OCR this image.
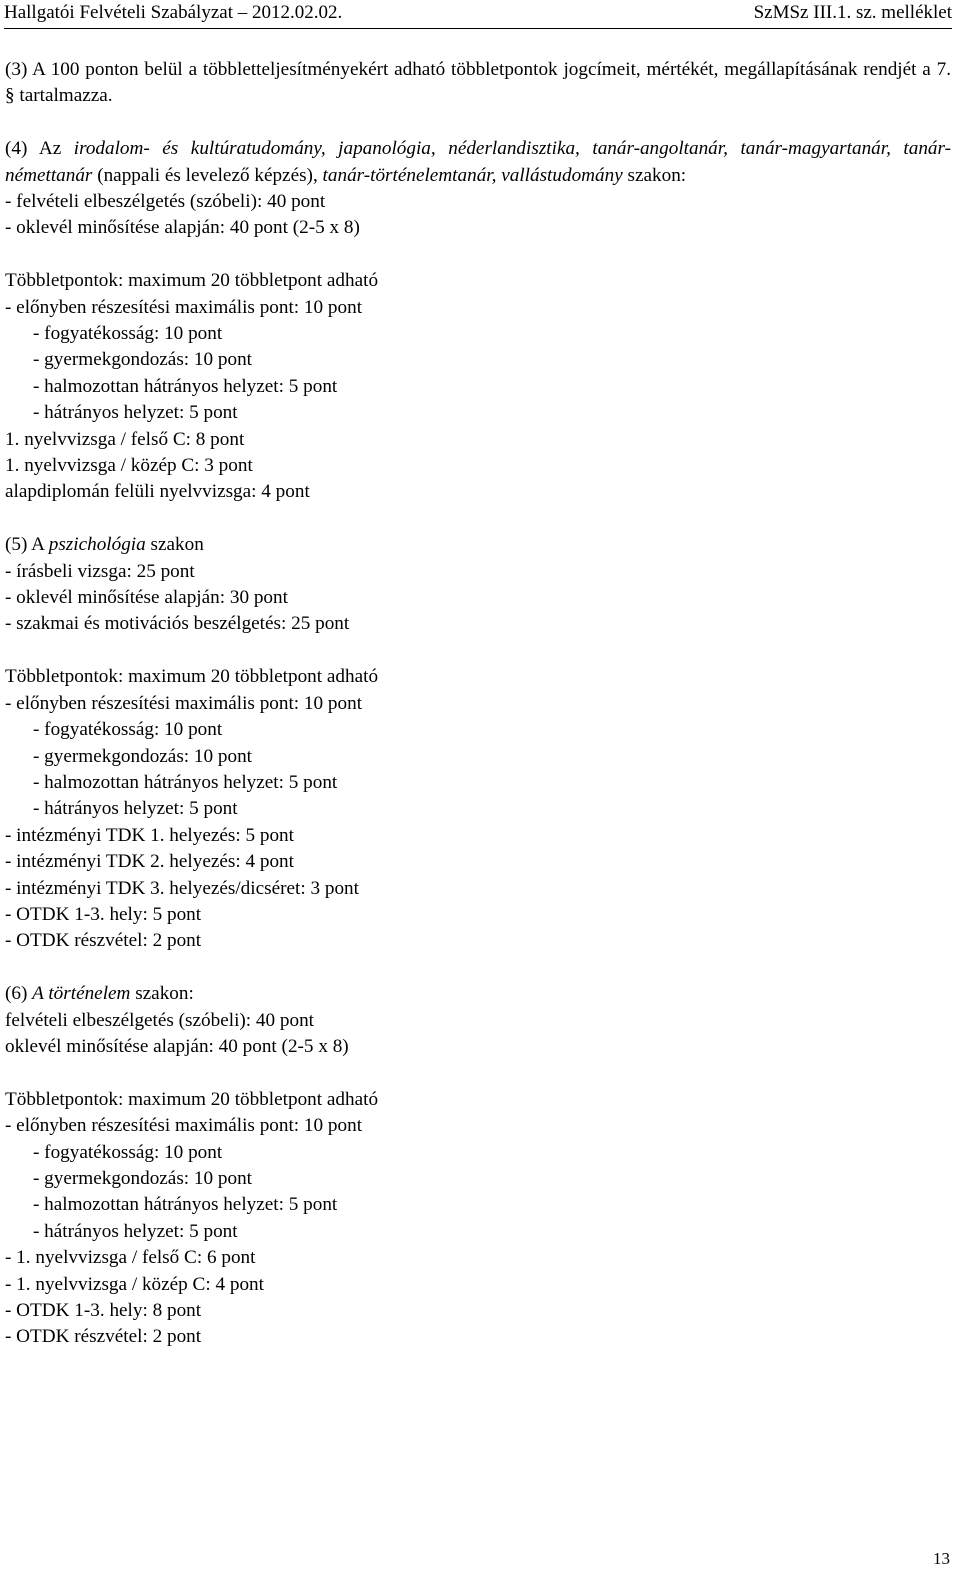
Hallgatói Felvételi Szabályzat – 2012.02.02.	SzMSz III.1. sz. melléklet
(3) A 100 ponton belül a többletteljesítményekért adható többletpontok jogcímeit, mértékét, megállapításának rendjét a 7. § tartalmazza.
(4) Az irodalom- és kultúratudomány, japanológia, néderlandisztika, tanár-angoltanár, tanár-magyartanár, tanár-némettanár (nappali és levelező képzés), tanár-történelemtanár, vallástudomány szakon:
- felvételi elbeszélgetés (szóbeli): 40 pont
- oklevél minősítése alapján: 40 pont (2-5 x 8)
Többletpontok: maximum 20 többletpont adható
- előnyben részesítési maximális pont: 10 pont
- fogyatékosság: 10 pont
- gyermekgondozás: 10 pont
- halmozottan hátrányos helyzet: 5 pont
- hátrányos helyzet: 5 pont
1. nyelvvizsga / felső C: 8 pont
1. nyelvvizsga / közép C: 3 pont
alapdiplomán felüli nyelvvizsga: 4 pont
(5) A pszichológia szakon
- írásbeli vizsga: 25 pont
- oklevél minősítése alapján: 30 pont
- szakmai és motivációs beszélgetés: 25 pont
Többletpontok: maximum 20 többletpont adható
- előnyben részesítési maximális pont: 10 pont
- fogyatékosság: 10 pont
- gyermekgondozás: 10 pont
- halmozottan hátrányos helyzet: 5 pont
- hátrányos helyzet: 5 pont
- intézményi TDK 1. helyezés: 5 pont
- intézményi TDK 2. helyezés: 4 pont
- intézményi TDK 3. helyezés/dicséret: 3 pont
- OTDK 1-3. hely: 5 pont
- OTDK részvétel: 2 pont
(6) A történelem szakon:
felvételi elbeszélgetés (szóbeli): 40 pont
oklevél minősítése alapján: 40 pont (2-5 x 8)
Többletpontok: maximum 20 többletpont adható
- előnyben részesítési maximális pont: 10 pont
- fogyatékosság: 10 pont
- gyermekgondozás: 10 pont
- halmozottan hátrányos helyzet: 5 pont
- hátrányos helyzet: 5 pont
- 1. nyelvvizsga / felső C: 6 pont
- 1. nyelvvizsga / közép C: 4 pont
- OTDK 1-3. hely: 8 pont
- OTDK részvétel: 2 pont
13
